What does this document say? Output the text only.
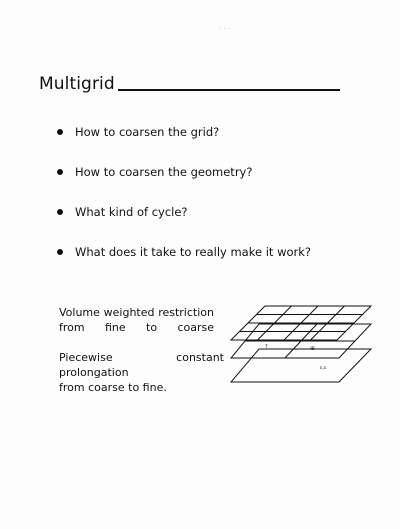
Multigrid
How to coarsen the grid?
How to coarsen the geometry?
What kind of cycle?
What does it take to really make it work?
Volume weighted restriction
from fine to coarse
Piecewise constant prolongation
from coarse to fine.
?	⊕
ε,ε
· · ·
